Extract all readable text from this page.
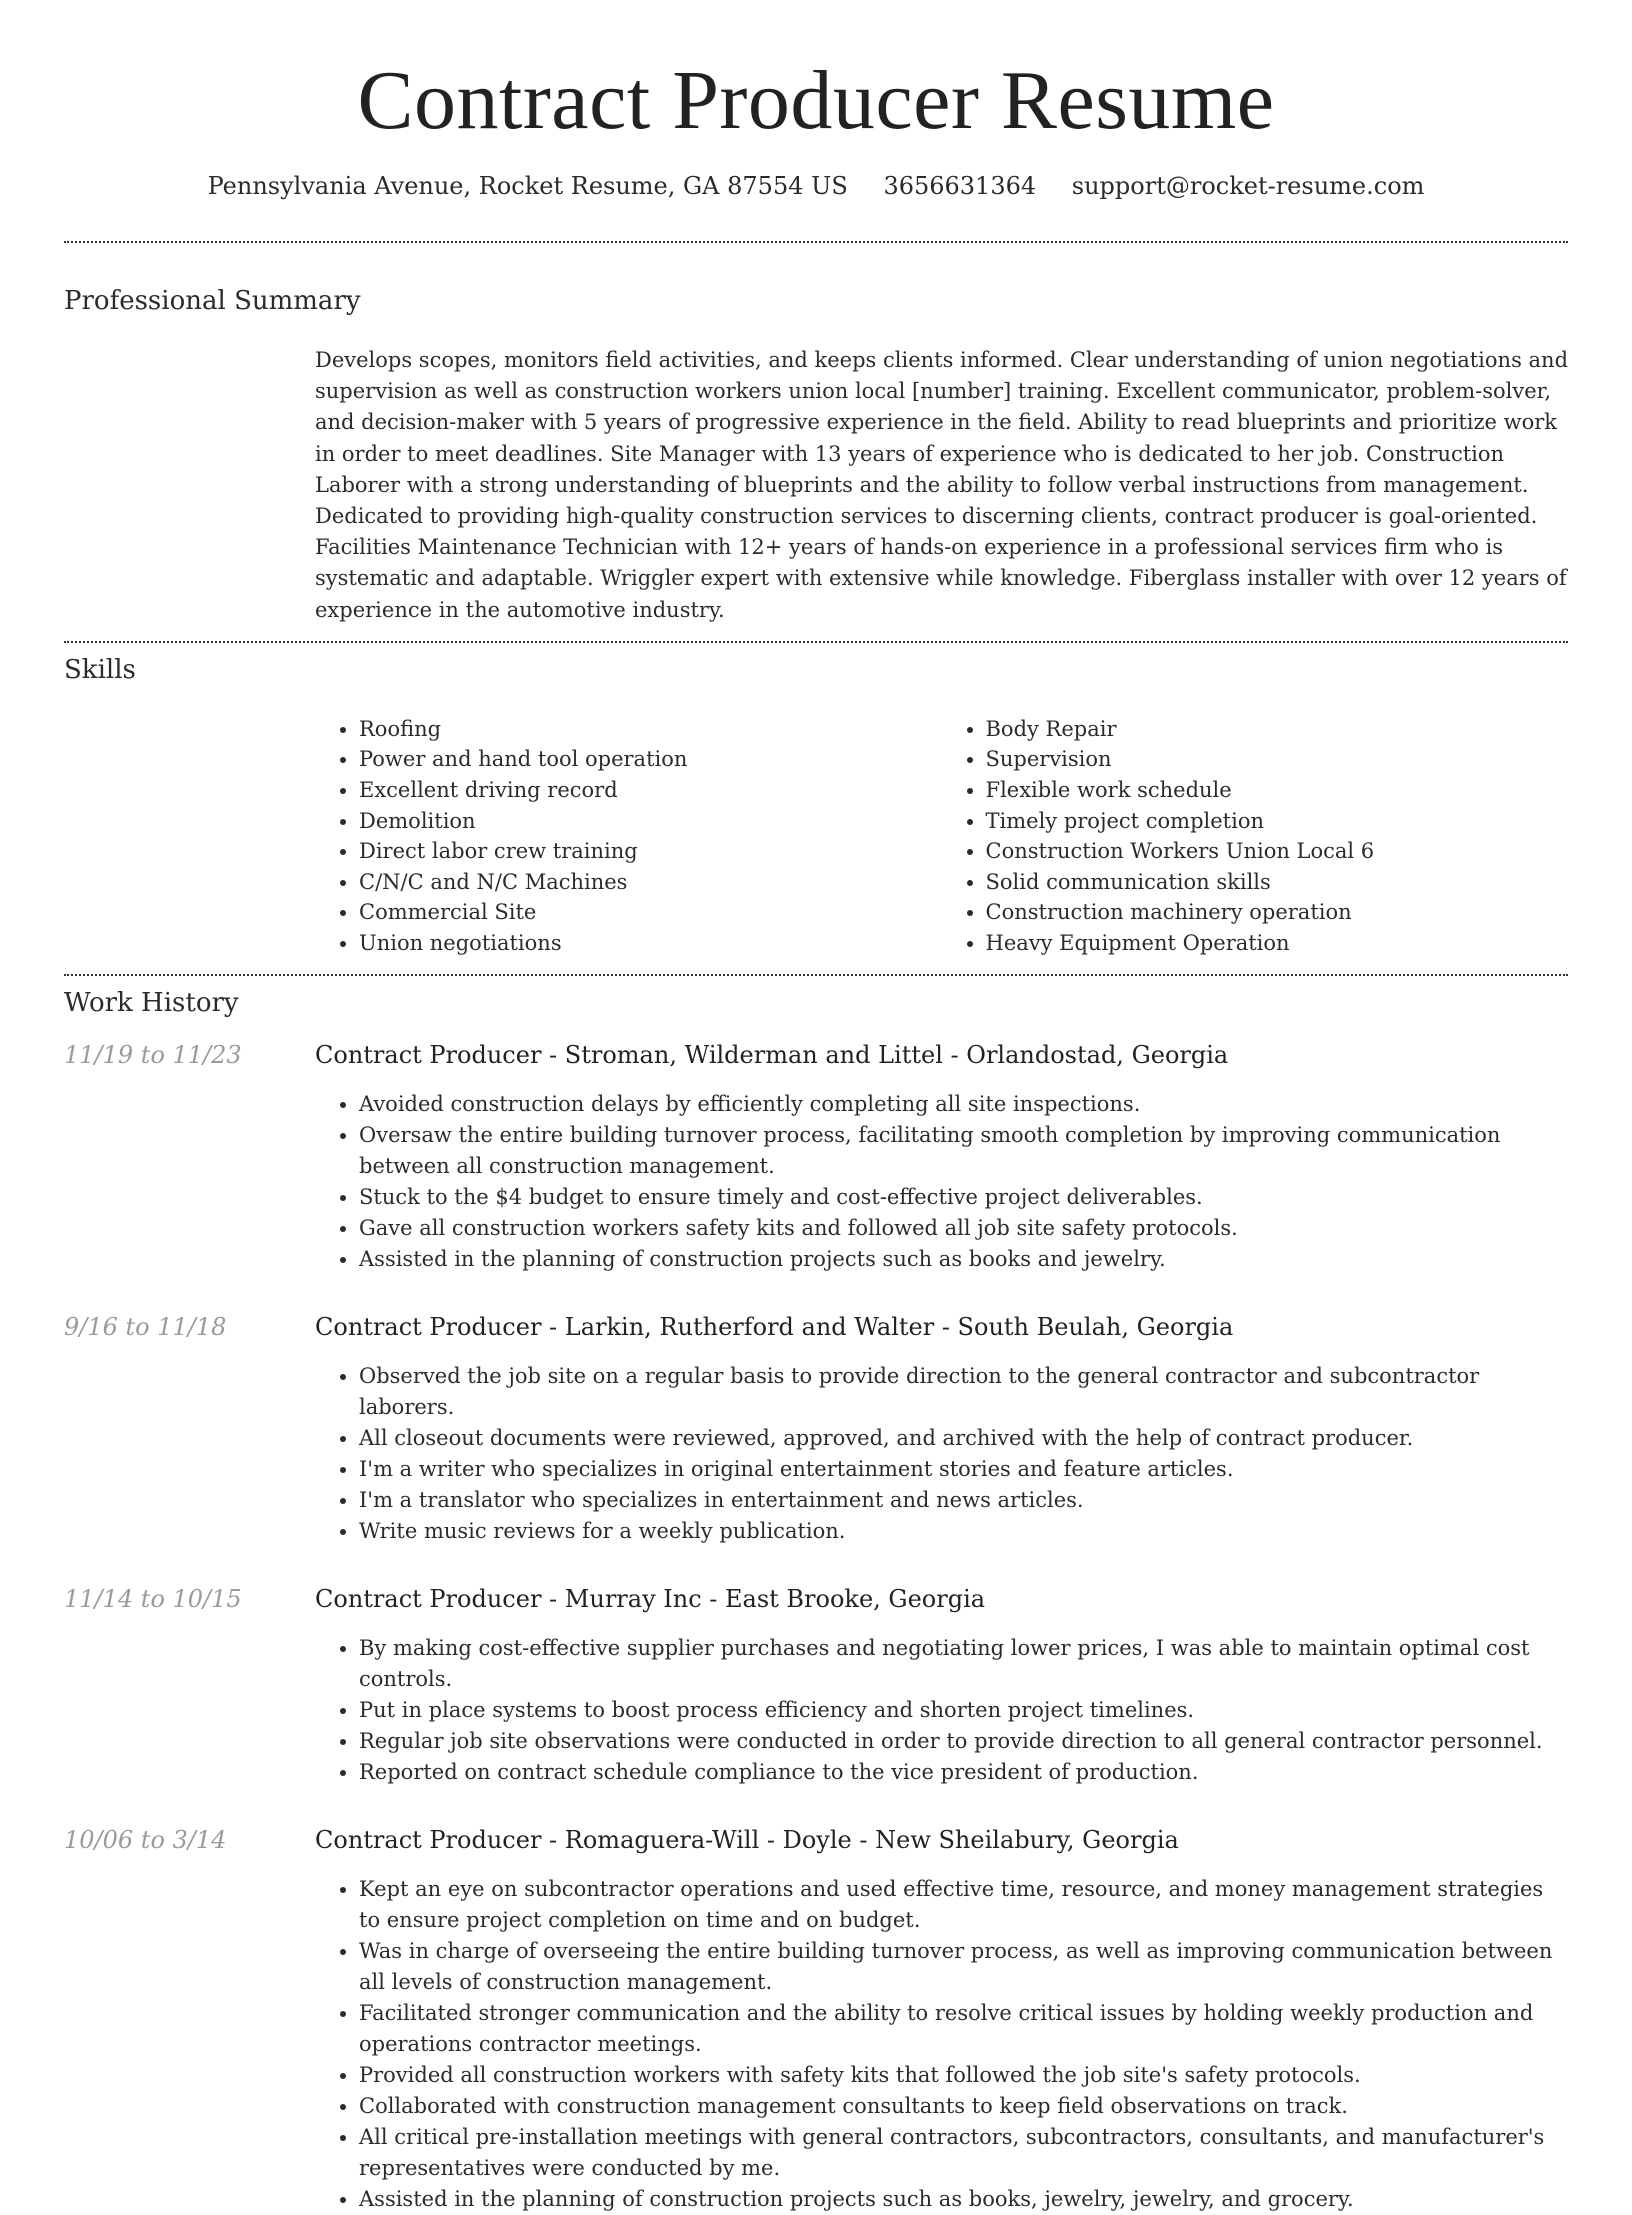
Contract Producer Resume
Pennsylvania Avenue, Rocket Resume, GA 87554 US 3656631364 support@rocket-resume.com
Professional Summary
Develops scopes, monitors field activities, and keeps clients informed. Clear understanding of union negotiations and supervision as well as construction workers union local [number] training. Excellent communicator, problem-solver, and decision-maker with 5 years of progressive experience in the field. Ability to read blueprints and prioritize work in order to meet deadlines. Site Manager with 13 years of experience who is dedicated to her job. Construction Laborer with a strong understanding of blueprints and the ability to follow verbal instructions from management. Dedicated to providing high-quality construction services to discerning clients, contract producer is goal-oriented. Facilities Maintenance Technician with 12+ years of hands-on experience in a professional services firm who is systematic and adaptable. Wriggler expert with extensive while knowledge. Fiberglass installer with over 12 years of experience in the automotive industry.
Skills
• Roofing
• Power and hand tool operation
• Excellent driving record
• Demolition
• Direct labor crew training
• C/N/C and N/C Machines
• Commercial Site
• Union negotiations
• Body Repair
• Supervision
• Flexible work schedule
• Timely project completion
• Construction Workers Union Local 6
• Solid communication skills
• Construction machinery operation
• Heavy Equipment Operation
Work History
11/19 to 11/23	Contract Producer - Stroman, Wilderman and Littel - Orlandostad, Georgia
• Avoided construction delays by efficiently completing all site inspections.
• Oversaw the entire building turnover process, facilitating smooth completion by improving communication between all construction management.
• Stuck to the $4 budget to ensure timely and cost-effective project deliverables.
• Gave all construction workers safety kits and followed all job site safety protocols.
• Assisted in the planning of construction projects such as books and jewelry.
9/16 to 11/18	Contract Producer - Larkin, Rutherford and Walter - South Beulah, Georgia
• Observed the job site on a regular basis to provide direction to the general contractor and subcontractor laborers.
• All closeout documents were reviewed, approved, and archived with the help of contract producer.
• I'm a writer who specializes in original entertainment stories and feature articles.
• I'm a translator who specializes in entertainment and news articles.
• Write music reviews for a weekly publication.
11/14 to 10/15	Contract Producer - Murray Inc - East Brooke, Georgia
• By making cost-effective supplier purchases and negotiating lower prices, I was able to maintain optimal cost controls.
• Put in place systems to boost process efficiency and shorten project timelines.
• Regular job site observations were conducted in order to provide direction to all general contractor personnel.
• Reported on contract schedule compliance to the vice president of production.
10/06 to 3/14	Contract Producer - Romaguera-Will - Doyle - New Sheilabury, Georgia
• Kept an eye on subcontractor operations and used effective time, resource, and money management strategies to ensure project completion on time and on budget.
• Was in charge of overseeing the entire building turnover process, as well as improving communication between all levels of construction management.
• Facilitated stronger communication and the ability to resolve critical issues by holding weekly production and operations contractor meetings.
• Provided all construction workers with safety kits that followed the job site's safety protocols.
• Collaborated with construction management consultants to keep field observations on track.
• All critical pre-installation meetings with general contractors, subcontractors, consultants, and manufacturer's representatives were conducted by me.
• Assisted in the planning of construction projects such as books, jewelry, jewelry, and grocery.
